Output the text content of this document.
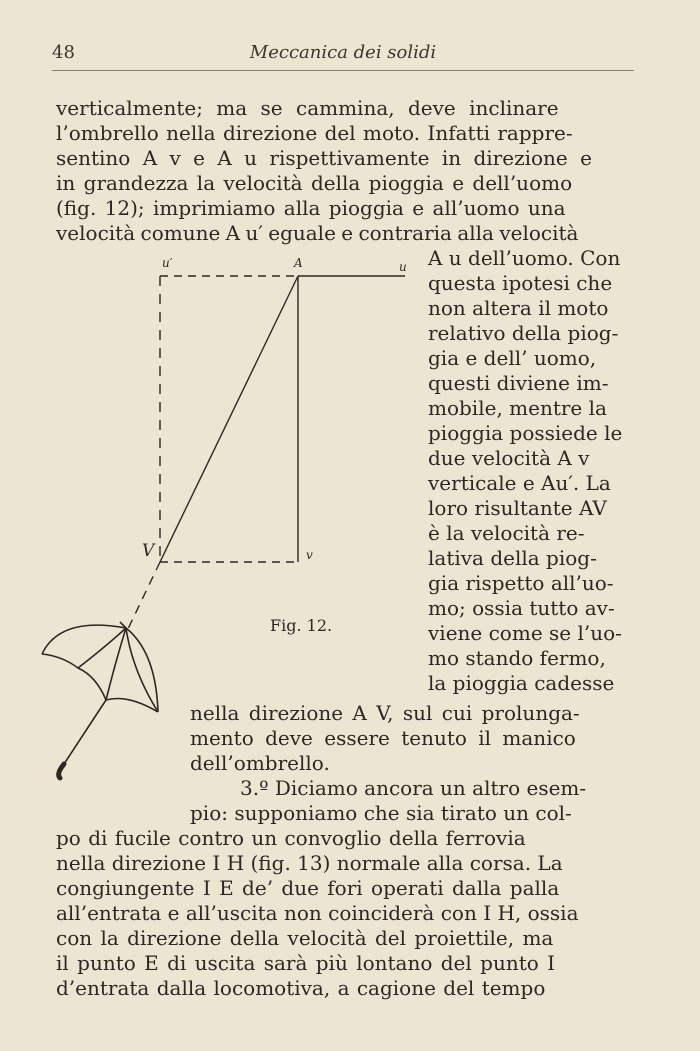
48	Meccanica dei solidi
verticalmente; ma se cammina, deve inclinare
l’ombrello nella direzione del moto. Infatti rappre-
sentino A v e A u rispettivamente in direzione e
in grandezza la velocità della pioggia e dell’uomo
(fig. 12); imprimiamo alla pioggia e all’uomo una
velocità comune A u′ eguale e contraria alla velocità
A u dell’uomo. Con
questa ipotesi che
non altera il moto
relativo della piog-
gia e dell’ uomo,
questi diviene im-
mobile, mentre la
pioggia possiede le
due velocità A v
verticale e Au′. La
loro risultante AV
è la velocità re-
lativa della piog-
gia rispetto all’uo-
mo; ossia tutto av-
viene come se l’uo-
mo stando fermo,
la pioggia cadesse
nella direzione A V, sul cui prolunga-
mento deve essere tenuto il manico
dell’ombrello.
3.º Diciamo ancora un altro esem-
pio: supponiamo che sia tirato un col-
po di fucile contro un convoglio della ferrovia
nella direzione I H (fig. 13) normale alla corsa. La
congiungente I E de’ due fori operati dalla palla
all’entrata e all’uscita non coinciderà con I H, ossia
con la direzione della velocità del proiettile, ma
il punto E di uscita sarà più lontano del punto I
d’entrata dalla locomotiva, a cagione del tempo
u′	A	u
V	v
Fig. 12.
